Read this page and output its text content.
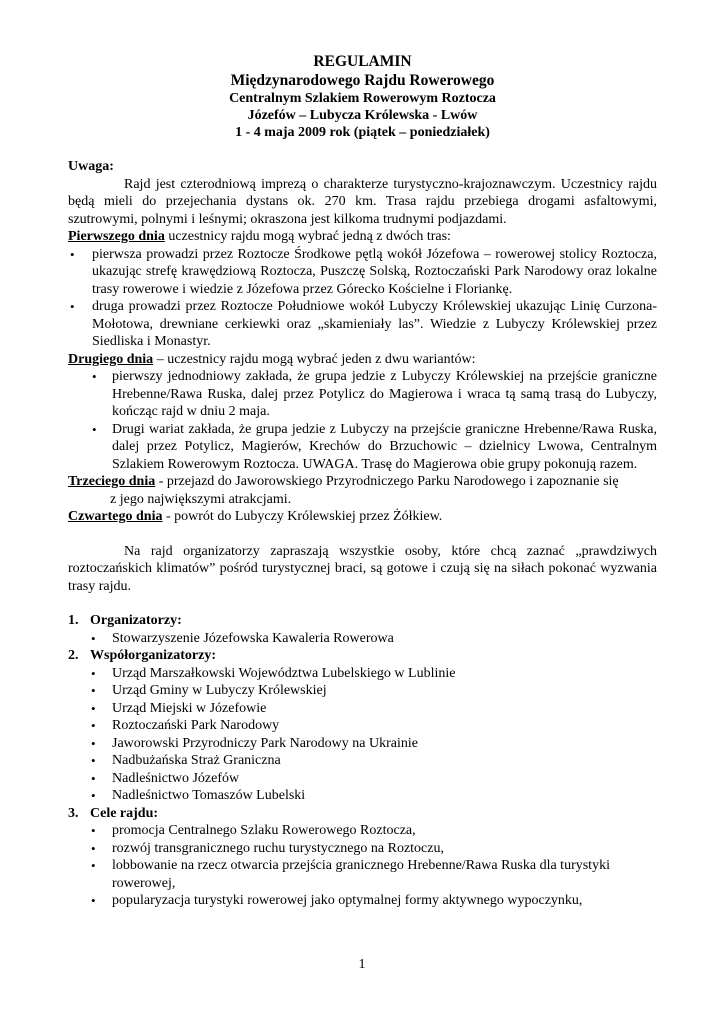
REGULAMIN
Międzynarodowego Rajdu Rowerowego
Centralnym Szlakiem Rowerowym Roztocza
Józefów – Lubycza Królewska - Lwów
1 - 4 maja 2009 rok (piątek – poniedziałek)
Uwaga:

Rajd jest czterodniową imprezą o charakterze turystyczno-krajoznawczym. Uczestnicy rajdu będą mieli do przejechania dystans ok. 270 km. Trasa rajdu przebiega drogami asfaltowymi, szutrowymi, polnymi i leśnymi; okraszona jest kilkoma trudnymi podjazdami.

Pierwszego dnia uczestnicy rajdu mogą wybrać jedną z dwóch tras:

• pierwsza prowadzi przez Roztocze Środkowe pętlą wokół Józefowa – rowerowej stolicy Roztocza, ukazując strefę krawędziową Roztocza, Puszczę Solską, Roztoczański Park Narodowy oraz lokalne trasy rowerowe i wiedzie z Józefowa przez Górecko Kościelne i Floriankę.
• druga prowadzi przez Roztocze Południowe wokół Lubyczy Królewskiej ukazując Linię Curzona-Mołotowa, drewniane cerkiewki oraz „skamieniały las”. Wiedzie z Lubyczy Królewskiej przez Siedliska i Monastyr.

Drugiego dnia – uczestnicy rajdu mogą wybrać jeden z dwu wariantów:

• pierwszy jednodniowy zakłada, że grupa jedzie z Lubyczy Królewskiej na przejście graniczne Hrebenne/Rawa Ruska, dalej przez Potylicz do Magierowa i wraca tą samą trasą do Lubyczy, kończąc rajd w dniu 2 maja.
• Drugi wariat zakłada, że grupa jedzie z Lubyczy na przejście graniczne Hrebenne/Rawa Ruska, dalej przez Potylicz, Magierów, Krechów do Brzuchowic – dzielnicy Lwowa, Centralnym Szlakiem Rowerowym Roztocza. UWAGA. Trasę do Magierowa obie grupy pokonują razem.

Trzeciego dnia - przejazd do Jaworowskiego Przyrodniczego Parku Narodowego i zapoznanie się

z jego największymi atrakcjami.

Czwartego dnia - powrót do Lubyczy Królewskiej przez Żółkiew.

Na rajd organizatorzy zapraszają wszystkie osoby, które chcą zaznać „prawdziwych roztoczańskich klimatów” pośród turystycznej braci, są gotowe i czują się na siłach pokonać wyzwania trasy rajdu.

1. Organizatorzy:
• Stowarzyszenie Józefowska Kawaleria Rowerowa
2. Współorganizatorzy:
• Urząd Marszałkowski Województwa Lubelskiego w Lublinie
• Urząd Gminy w Lubyczy Królewskiej
• Urząd Miejski w Józefowie
• Roztoczański Park Narodowy
• Jaworowski Przyrodniczy Park Narodowy na Ukrainie
• Nadbużańska Straż Graniczna
• Nadleśnictwo Józefów
• Nadleśnictwo Tomaszów Lubelski
3. Cele rajdu:
• promocja Centralnego Szlaku Rowerowego Roztocza,
• rozwój transgranicznego ruchu turystycznego na Roztoczu,
• lobbowanie na rzecz otwarcia przejścia granicznego Hrebenne/Rawa Ruska dla turystyki rowerowej,
• popularyzacja turystyki rowerowej jako optymalnej formy aktywnego wypoczynku,
1
